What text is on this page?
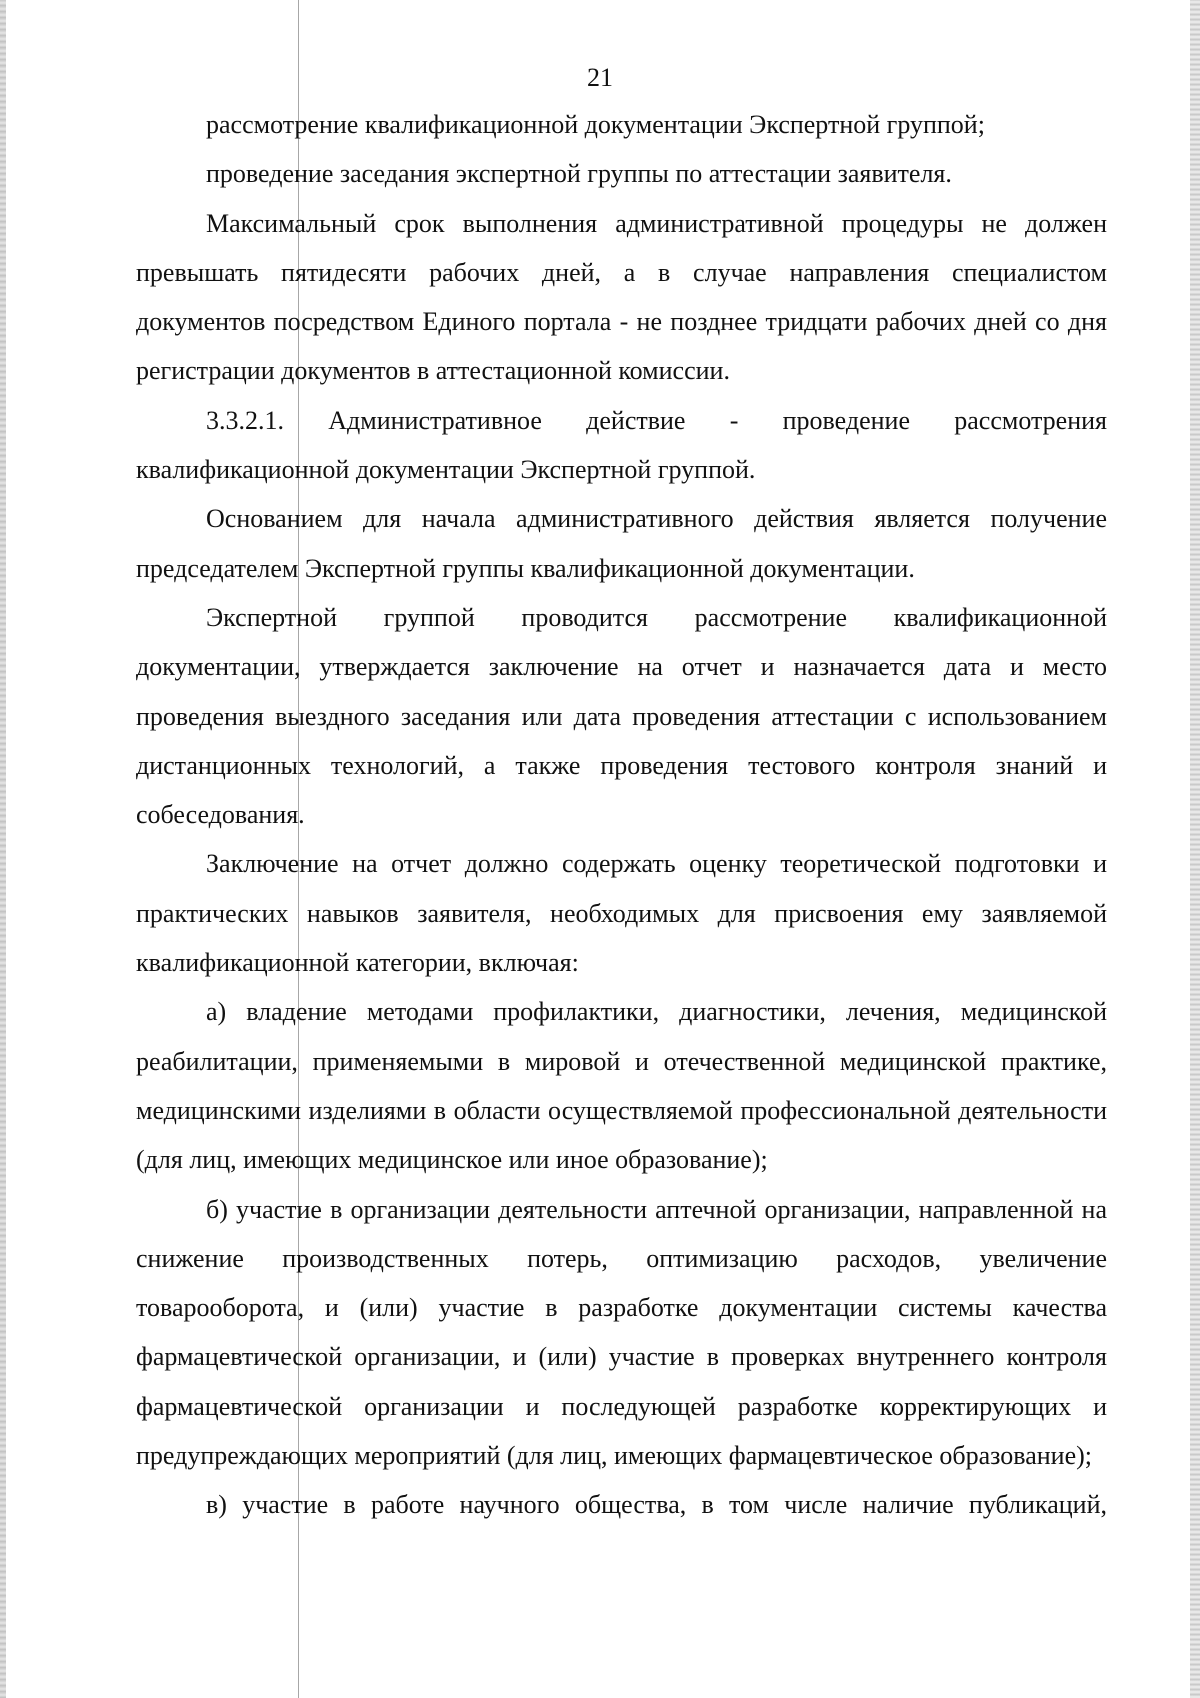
21

рассмотрение квалификационной документации Экспертной группой;

проведение заседания экспертной группы по аттестации заявителя.

Максимальный срок выполнения административной процедуры не должен превышать пятидесяти рабочих дней, а в случае направления специалистом документов посредством Единого портала - не позднее тридцати рабочих дней со дня регистрации документов в аттестационной комиссии.

3.3.2.1. Административное действие - проведение рассмотрения квалификационной документации Экспертной группой.

Основанием для начала административного действия является получение председателем Экспертной группы квалификационной документации.

Экспертной группой проводится рассмотрение квалификационной документации, утверждается заключение на отчет и назначается дата и место проведения выездного заседания или дата проведения аттестации с использованием дистанционных технологий, а также проведения тестового контроля знаний и собеседования.

Заключение на отчет должно содержать оценку теоретической подготовки и практических навыков заявителя, необходимых для присвоения ему заявляемой квалификационной категории, включая:

а) владение методами профилактики, диагностики, лечения, медицинской реабилитации, применяемыми в мировой и отечественной медицинской практике, медицинскими изделиями в области осуществляемой профессиональной деятельности (для лиц, имеющих медицинское или иное образование);

б) участие в организации деятельности аптечной организации, направленной на снижение производственных потерь, оптимизацию расходов, увеличение товарооборота, и (или) участие в разработке документации системы качества фармацевтической организации, и (или) участие в проверках внутреннего контроля фармацевтической организации и последующей разработке корректирующих и предупреждающих мероприятий (для лиц, имеющих фармацевтическое образование);

в) участие в работе научного общества, в том числе наличие публикаций,
